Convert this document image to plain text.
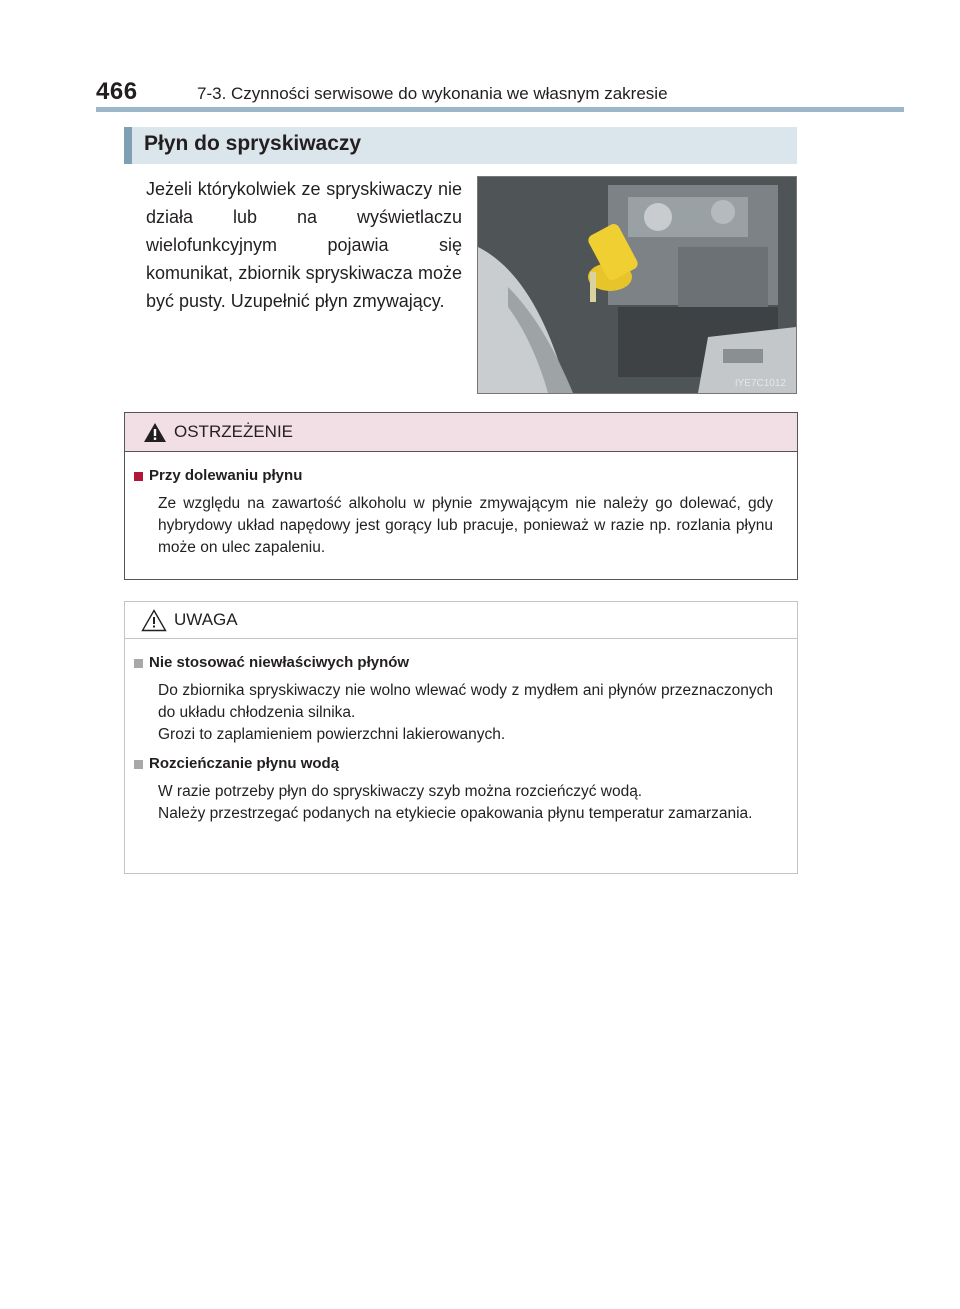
466	7-3. Czynności serwisowe do wykonania we własnym zakresie
Płyn do spryskiwaczy
Jeżeli którykolwiek ze spryskiwaczy nie działa lub na wyświetlaczu wielofunkcyjnym pojawia się komunikat, zbiornik spryskiwacza może być pusty. Uzupełnić płyn zmywający.
IYE7C1012
OSTRZEŻENIE
Przy dolewaniu płynu

Ze względu na zawartość alkoholu w płynie zmywającym nie należy go dolewać, gdy hybrydowy układ napędowy jest gorący lub pracuje, ponieważ w razie np. rozlania płynu może on ulec zapaleniu.

UWAGA
Nie stosować niewłaściwych płynów

Do zbiornika spryskiwaczy nie wolno wlewać wody z mydłem ani płynów przeznaczonych do układu chłodzenia silnika.

Grozi to zaplamieniem powierzchni lakierowanych.

Rozcieńczanie płynu wodą

W razie potrzeby płyn do spryskiwaczy szyb można rozcieńczyć wodą.

Należy przestrzegać podanych na etykiecie opakowania płynu temperatur zamarzania.
